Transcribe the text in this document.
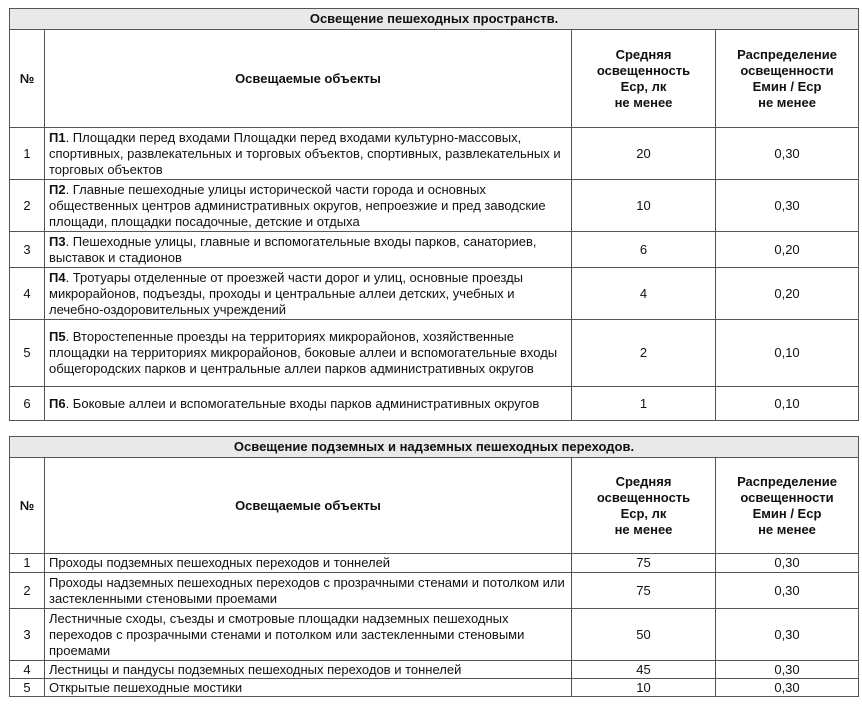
Освещение пешеходных пространств.			
№	Освещаемые объекты	Средняя
освещенность
Еср, лк
не менее	Распределение
освещенности
Емин / Еср
не менее
1	П1. Площадки перед входами Площадки перед входами культурно-массовых, спортивных, развлекательных и торговых объектов, спортивных, развлекательных и торговых объектов	20	0,30
2	П2. Главные пешеходные улицы исторической части города и основных общественных центров административных округов, непроезжие и пред заводские площади, площадки посадочные, детские и отдыха	10	0,30
3	П3. Пешеходные улицы, главные и вспомогательные входы парков, санаториев, выставок и стадионов	6	0,20
4	П4. Тротуары отделенные от проезжей части дорог и улиц, основные проезды микрорайонов, подъезды, проходы и центральные аллеи детских, учебных и лечебно-оздоровительных учреждений	4	0,20
5	П5. Второстепенные проезды на территориях микрорайонов, хозяйственные площадки на территориях микрорайонов, боковые аллеи и вспомогательные входы общегородских парков и центральные аллеи парков административных округов	2	0,10
6	П6. Боковые аллеи и вспомогательные входы парков административных округов	1	0,10
Освещение подземных и надземных пешеходных переходов.			
№	Освещаемые объекты	Средняя
освещенность
Еср, лк
не менее	Распределение
освещенности
Емин / Еср
не менее
1	Проходы подземных пешеходных переходов и тоннелей	75	0,30
2	Проходы надземных пешеходных переходов с прозрачными стенами и потолком или застекленными стеновыми проемами	75	0,30
3	Лестничные сходы, съезды и смотровые площадки надземных пешеходных переходов с прозрачными стенами и потолком или застекленными стеновыми проемами	50	0,30
4	Лестницы и пандусы подземных пешеходных переходов и тоннелей	45	0,30
5	Открытые пешеходные мостики	10	0,30
